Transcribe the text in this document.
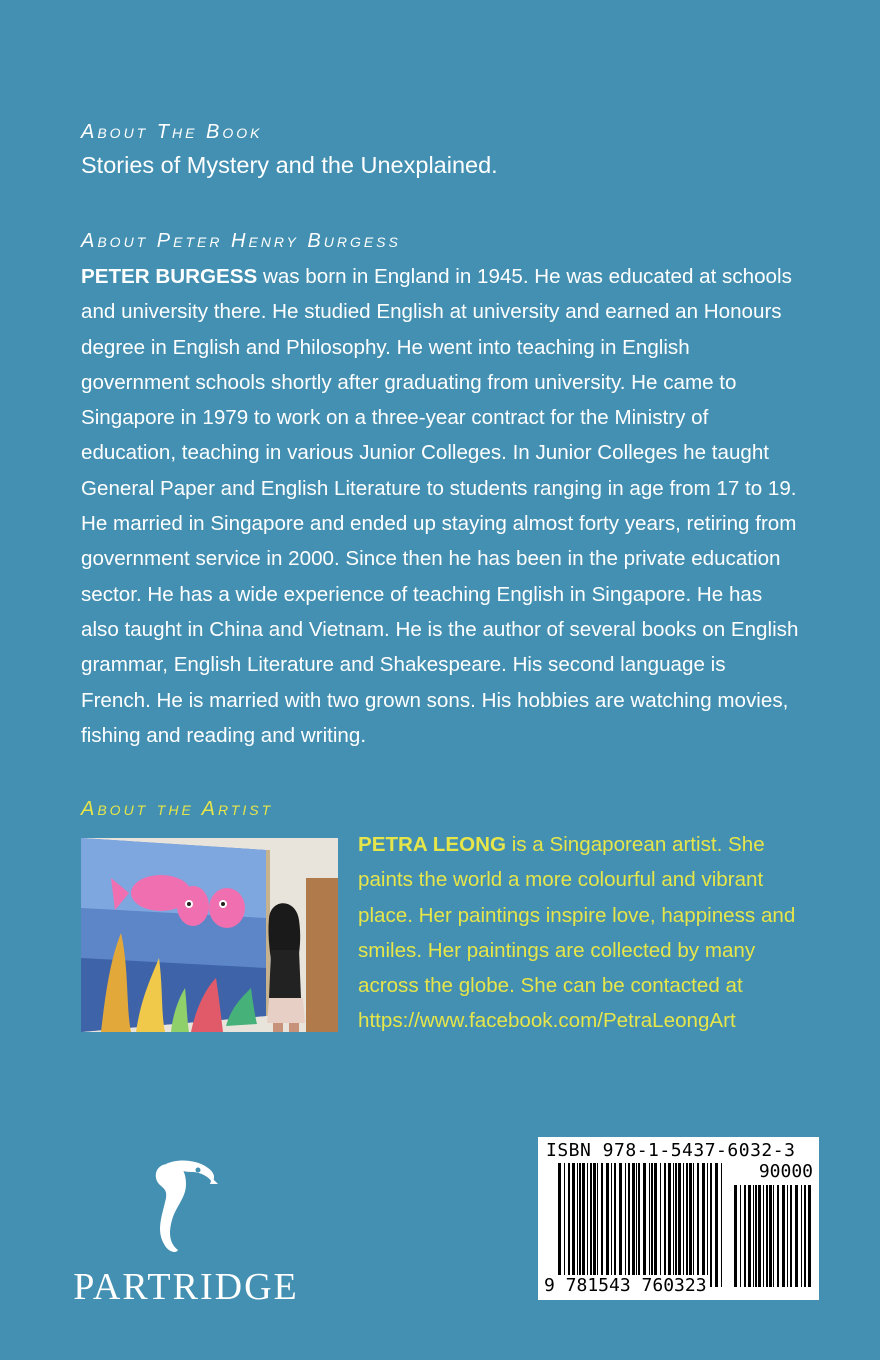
About The Book
Stories of Mystery and the Unexplained.
About Peter Henry Burgess

PETER BURGESS was born in England in 1945. He was educated at schools and university there. He studied English at university and earned an Honours degree in English and Philosophy. He went into teaching in English government schools shortly after graduating from university. He came to Singapore in 1979 to work on a three-year contract for the Ministry of education, teaching in various Junior Colleges. In Junior Colleges he taught General Paper and English Literature to students ranging in age from 17 to 19. He married in Singapore and ended up staying almost forty years, retiring from government service in 2000. Since then he has been in the private education sector. He has a wide experience of teaching English in Singapore. He has also taught in China and Vietnam. He is the author of several books on English grammar, English Literature and Shakespeare. His second language is French. He is married with two grown sons. His hobbies are watching movies, fishing and reading and writing.

About the Artist

PETRA LEONG is a Singaporean artist. She paints the world a more colourful and vibrant place. Her paintings inspire love, happiness and smiles. Her paintings are collected by many across the globe. She can be contacted at https://www.facebook.com/PetraLeongArt

PARTRIDGE
ISBN 978-1-5437-6032-3
90000
9 781543 760323
